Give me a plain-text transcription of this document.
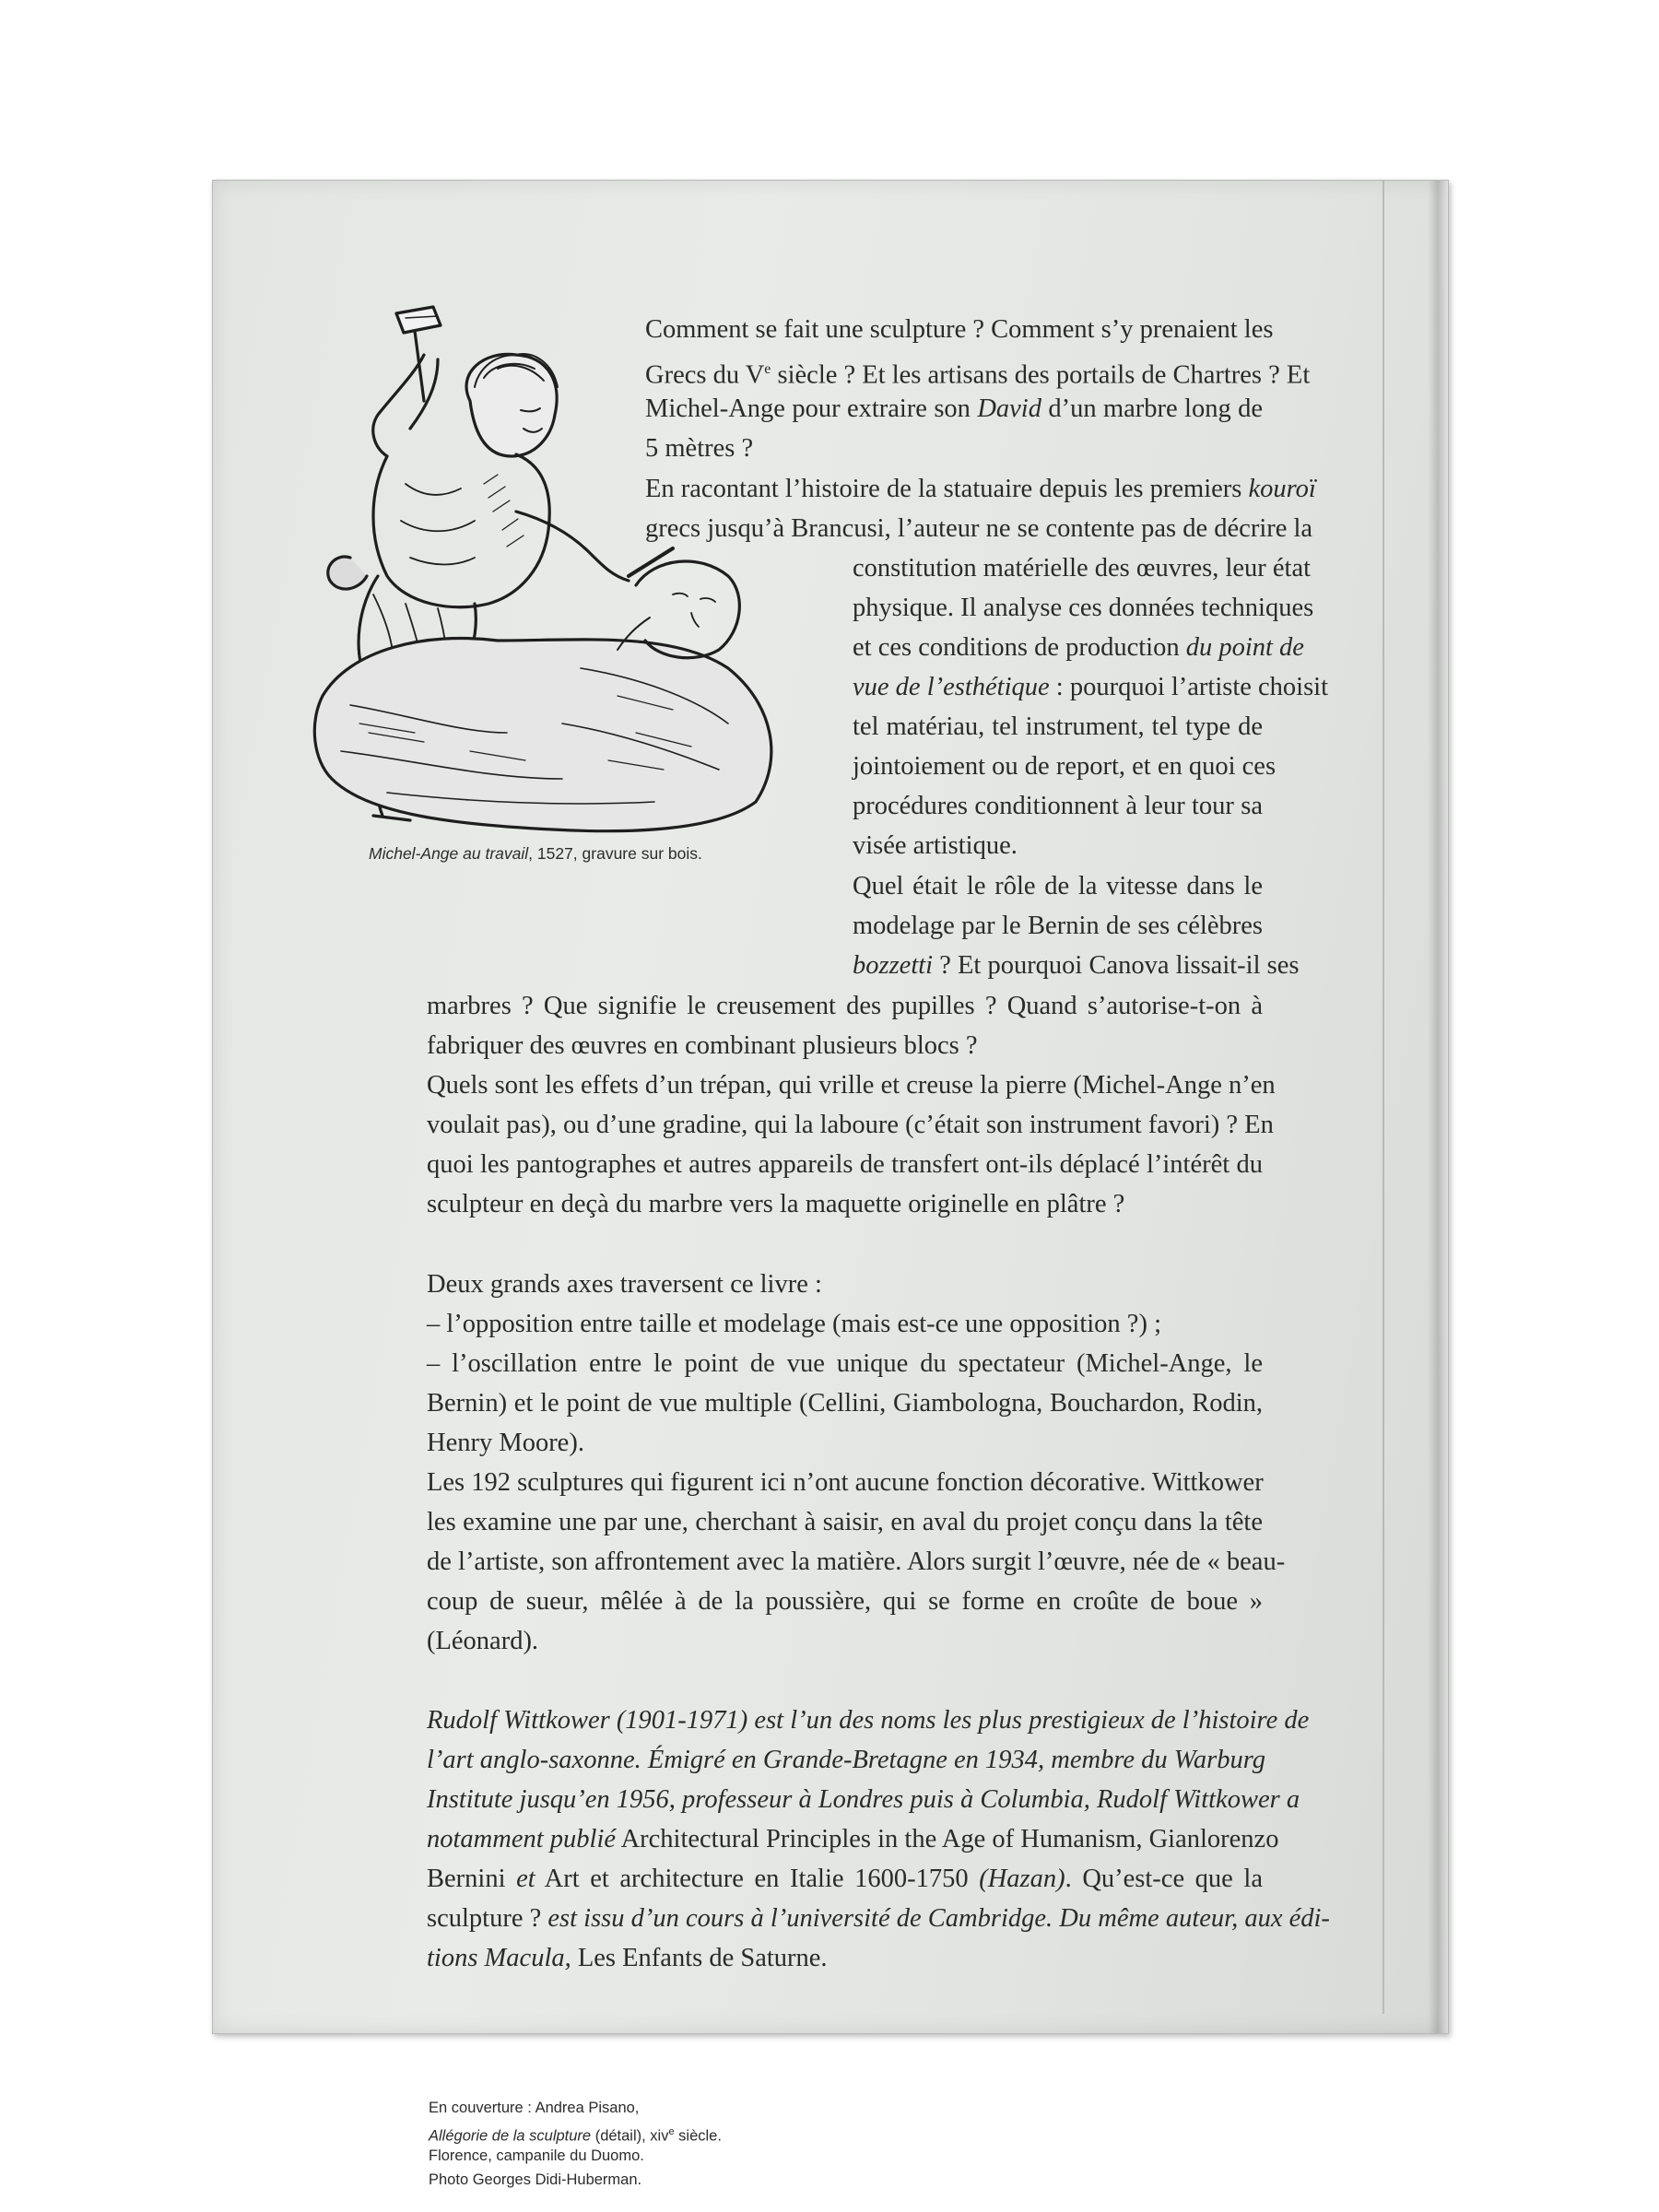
Comment se fait une sculpture ? Comment s’y prenaient les
Grecs du Ve siècle ? Et les artisans des portails de Chartres ? Et
Michel-Ange pour extraire son David d’un marbre long de
5 mètres ?
En racontant l’histoire de la statuaire depuis les premiers kouroï
grecs jusqu’à Brancusi, l’auteur ne se contente pas de décrire la
constitution matérielle des œuvres, leur état
physique. Il analyse ces données techniques
et ces conditions de production du point de
vue de l’esthétique : pourquoi l’artiste choisit
tel matériau, tel instrument, tel type de
jointoiement ou de report, et en quoi ces
procédures conditionnent à leur tour sa
visée artistique.
Michel-Ange au travail, 1527, gravure sur bois.
Quel était le rôle de la vitesse dans le
modelage par le Bernin de ses célèbres
bozzetti ? Et pourquoi Canova lissait-il ses
marbres ? Que signifie le creusement des pupilles ? Quand s’autorise-t-on à
fabriquer des œuvres en combinant plusieurs blocs ?
Quels sont les effets d’un trépan, qui vrille et creuse la pierre (Michel-Ange n’en
voulait pas), ou d’une gradine, qui la laboure (c’était son instrument favori) ? En
quoi les pantographes et autres appareils de transfert ont-ils déplacé l’intérêt du
sculpteur en deçà du marbre vers la maquette originelle en plâtre ?
Deux grands axes traversent ce livre :
– l’opposition entre taille et modelage (mais est-ce une opposition ?) ;
– l’oscillation entre le point de vue unique du spectateur (Michel-Ange, le
Bernin) et le point de vue multiple (Cellini, Giambologna, Bouchardon, Rodin,
Henry Moore).
Les 192 sculptures qui figurent ici n’ont aucune fonction décorative. Wittkower
les examine une par une, cherchant à saisir, en aval du projet conçu dans la tête
de l’artiste, son affrontement avec la matière. Alors surgit l’œuvre, née de « beau-
coup de sueur, mêlée à de la poussière, qui se forme en croûte de boue »
(Léonard).
Rudolf Wittkower (1901-1971) est l’un des noms les plus prestigieux de l’histoire de
l’art anglo-saxonne. Émigré en Grande-Bretagne en 1934, membre du Warburg
Institute jusqu’en 1956, professeur à Londres puis à Columbia, Rudolf Wittkower a
notamment publié Architectural Principles in the Age of Humanism, Gianlorenzo
Bernini et Art et architecture en Italie 1600-1750 (Hazan). Qu’est-ce que la
sculpture ? est issu d’un cours à l’université de Cambridge. Du même auteur, aux édi-
tions Macula, Les Enfants de Saturne.
En couverture : Andrea Pisano,
Allégorie de la sculpture (détail), xiv$^e$ siècle.
Florence, campanile du Duomo.
Photo Georges Didi-Huberman.
